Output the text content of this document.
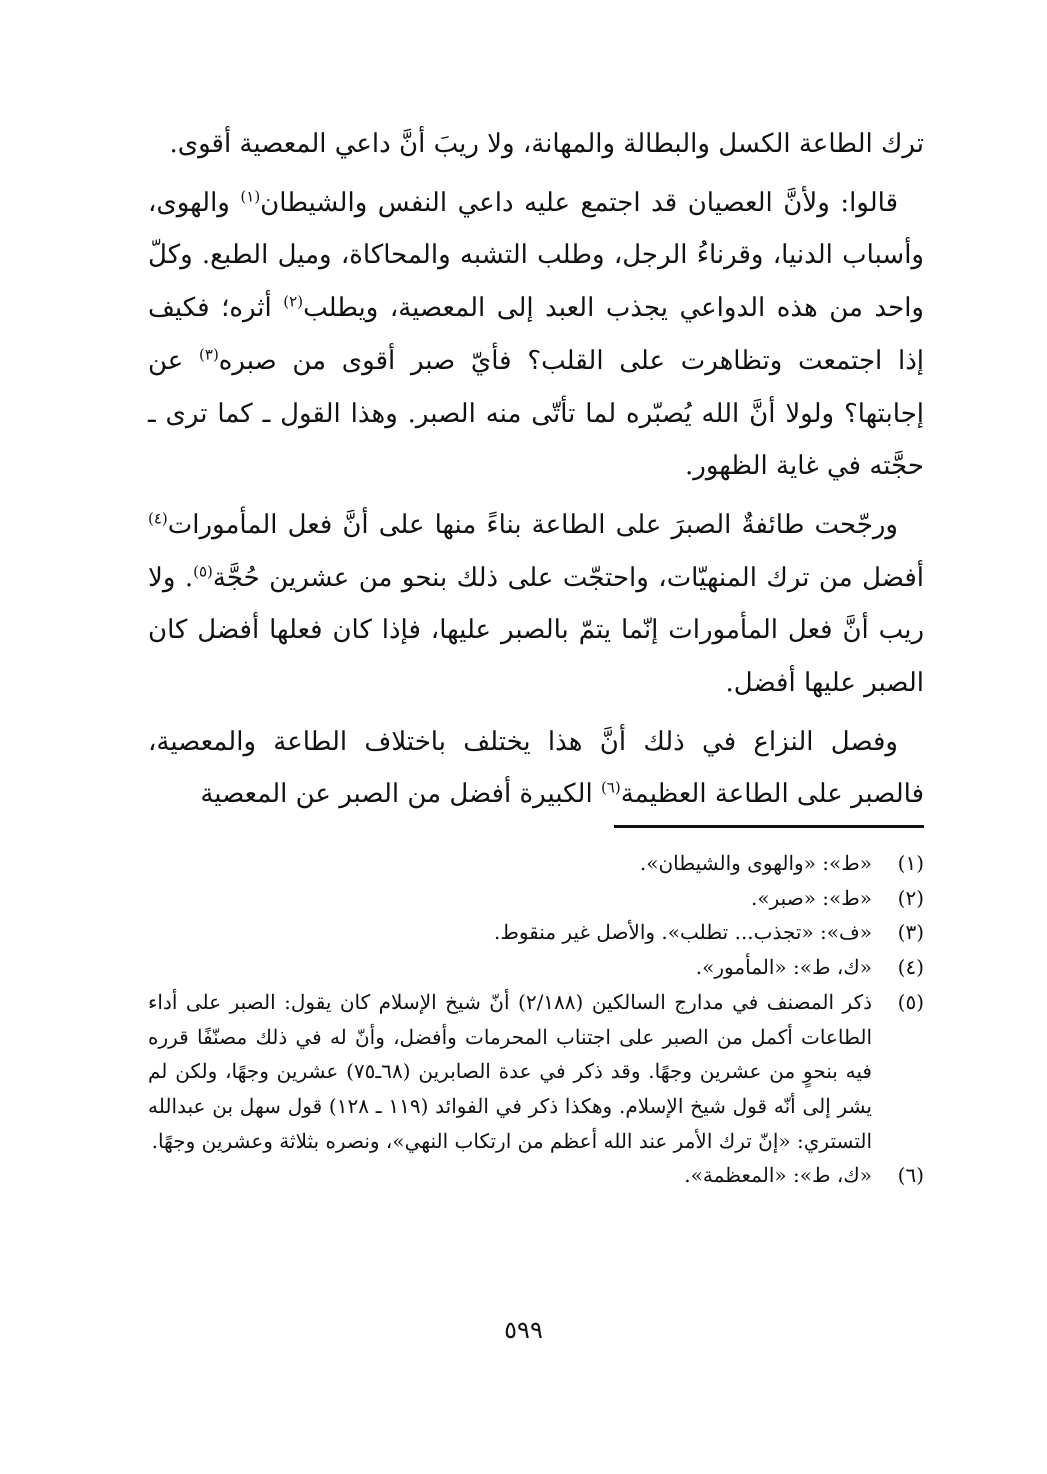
ترك الطاعة الكسل والبطالة والمهانة، ولا ريبَ أنَّ داعي المعصية أقوى.

قالوا: ولأنَّ العصيان قد اجتمع عليه داعي النفس والشيطان$^{(١)}$ والهوى، وأسباب الدنيا، وقرناءُ الرجل، وطلب التشبه والمحاكاة، وميل الطبع. وكلّ واحد من هذه الدواعي يجذب العبد إلى المعصية، ويطلب$^{(٢)}$ أثره؛ فكيف إذا اجتمعت وتظاهرت على القلب؟ فأيّ صبر أقوى من صبره$^{(٣)}$ عن إجابتها؟ ولولا أنَّ الله يُصبّره لما تأتّى منه الصبر. وهذا القول ـ كما ترى ـ حجَّته في غاية الظهور.

ورجّحت طائفةٌ الصبرَ على الطاعة بناءً منها على أنَّ فعل المأمورات$^{(٤)}$ أفضل من ترك المنهيّات، واحتجّت على ذلك بنحو من عشرين حُجَّة$^{(٥)}$. ولا ريب أنَّ فعل المأمورات إنّما يتمّ بالصبر عليها، فإذا كان فعلها أفضل كان الصبر عليها أفضل.

وفصل النزاع في ذلك أنَّ هذا يختلف باختلاف الطاعة والمعصية، فالصبر على الطاعة العظيمة$^{(٦)}$ الكبيرة أفضل من الصبر عن المعصية

(١)
«ط»: «والهوى والشيطان».
(٢)
«ط»: «صبر».
(٣)
«ف»: «تجذب... تطلب». والأصل غير منقوط.
(٤)
«ك، ط»: «المأمور».
(٥)
ذكر المصنف في مدارج السالكين (٢/١٨٨) أنّ شيخ الإسلام كان يقول: الصبر على أداء الطاعات أكمل من الصبر على اجتناب المحرمات وأفضل، وأنّ له في ذلك مصنّفًا قرره فيه بنحوٍ من عشرين وجهًا. وقد ذكر في عدة الصابرين (٦٨ـ٧٥) عشرين وجهًا، ولكن لم يشر إلى أنّه قول شيخ الإسلام. وهكذا ذكر في الفوائد (١١٩ ـ ١٢٨) قول سهل بن عبدالله التستري: «إنّ ترك الأمر عند الله أعظم من ارتكاب النهي»، ونصره بثلاثة وعشرين وجهًا.
(٦)
«ك، ط»: «المعظمة».
٥٩٩
